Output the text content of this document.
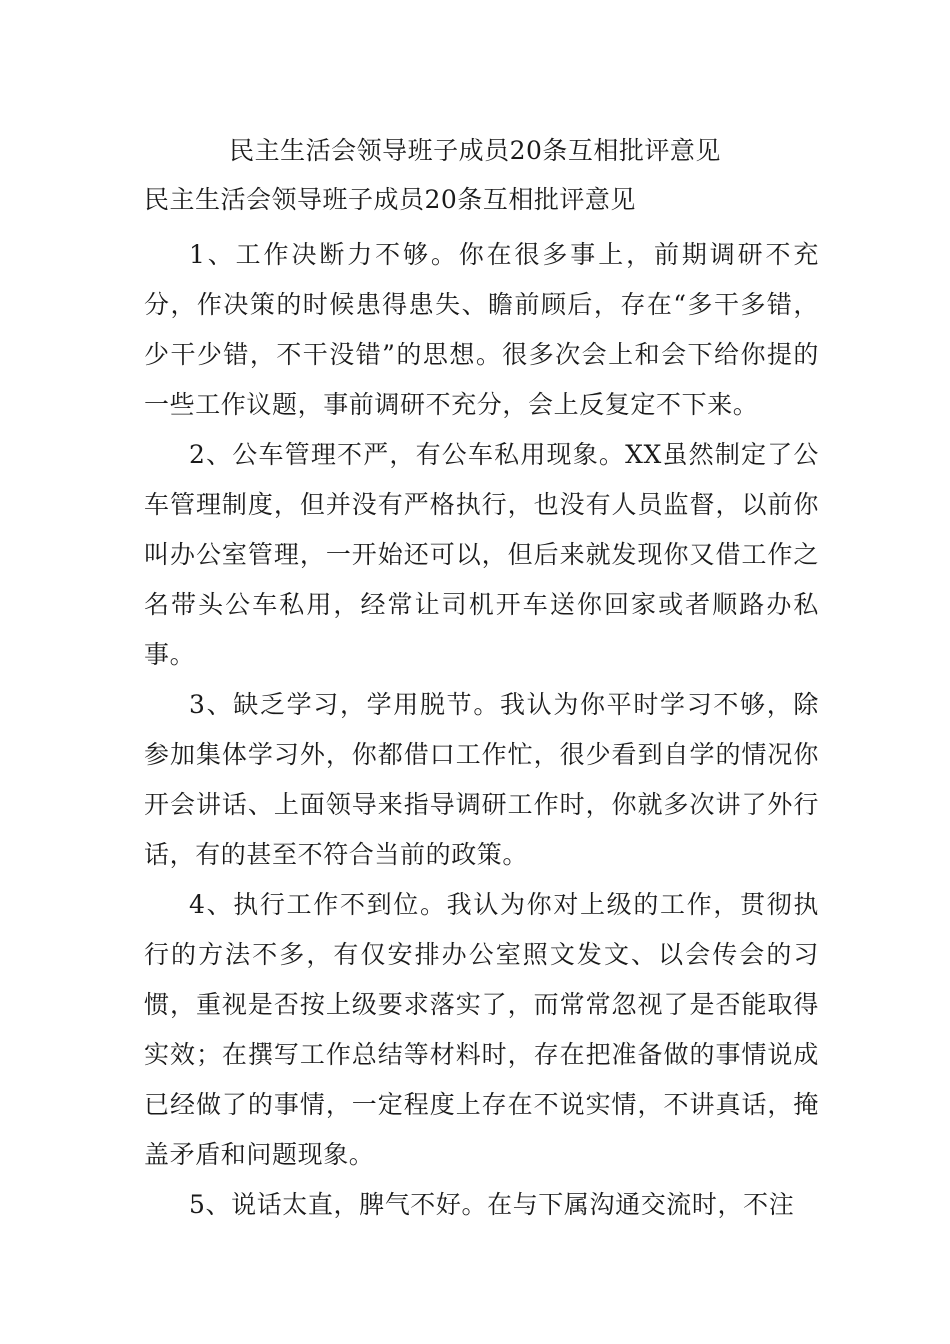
民主生活会领导班子成员20条互相批评意见
民主生活会领导班子成员20条互相批评意见

1、工作决断力不够。你在很多事上，前期调研不充分，作决策的时候患得患失、瞻前顾后，存在“多干多错，少干少错，不干没错”的思想。很多次会上和会下给你提的一些工作议题，事前调研不充分，会上反复定不下来。

2、公车管理不严，有公车私用现象。XX虽然制定了公车管理制度，但并没有严格执行，也没有人员监督，以前你叫办公室管理，一开始还可以，但后来就发现你又借工作之名带头公车私用，经常让司机开车送你回家或者顺路办私事。

3、缺乏学习，学用脱节。我认为你平时学习不够，除参加集体学习外，你都借口工作忙，很少看到自学的情况你开会讲话、上面领导来指导调研工作时，你就多次讲了外行话，有的甚至不符合当前的政策。

4、执行工作不到位。我认为你对上级的工作，贯彻执行的方法不多，有仅安排办公室照文发文、以会传会的习惯，重视是否按上级要求落实了，而常常忽视了是否能取得实效；在撰写工作总结等材料时，存在把准备做的事情说成已经做了的事情，一定程度上存在不说实情，不讲真话，掩盖矛盾和问题现象。

5、说话太直，脾气不好。在与下属沟通交流时，不注
